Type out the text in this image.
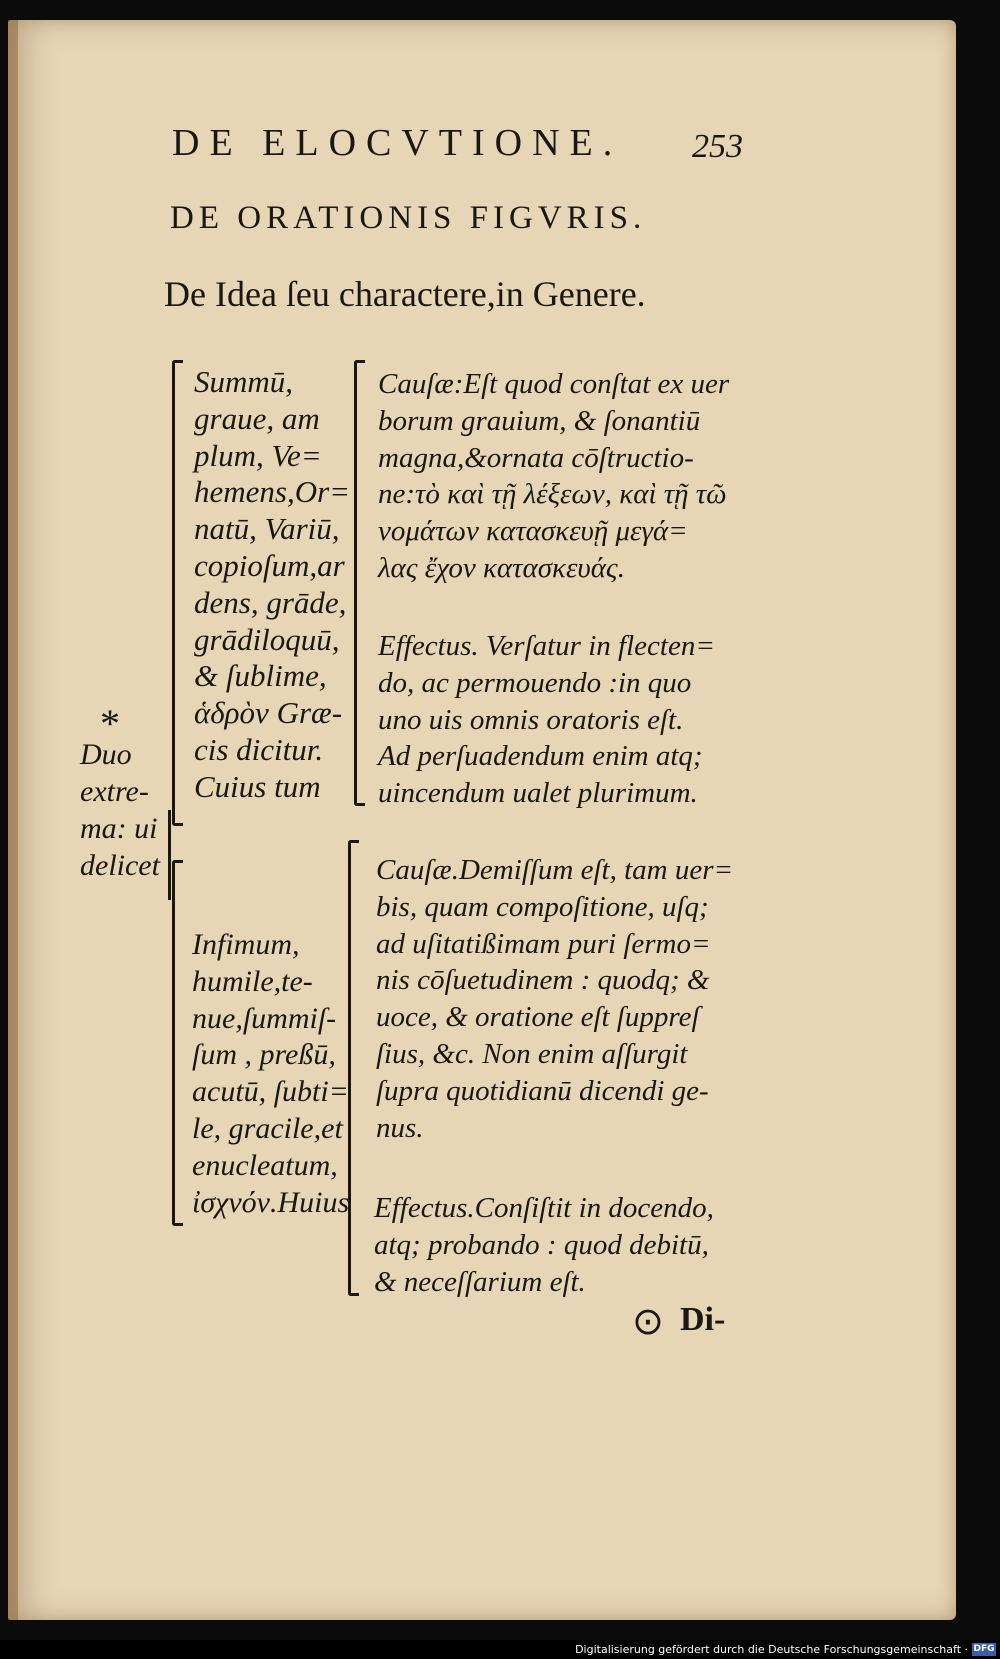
DE ELOCVTIONE. 253
DE ORATIONIS FIGVRIS.
De Idea ſeu charactere,in Genere.
*
Duo
extre-
ma: ui
delicet
Summū,
graue, am
plum, Ve=
hemens,Or=
natū, Variū,
copioſum,ar
dens, grāde,
grādiloquū,
& ſublime,
ἁδρὸν Græ-
cis dicitur.
Cuius tum
Infimum,
humile,te-
nue,ſummiſ-
ſum , preßū,
acutū, ſubti=
le, gracile,et
enucleatum,
ἰσχνόν.Huius
Cauſæ:Eſt quod conſtat ex uer
borum grauium, & ſonantiū
magna,&ornata cōſtructio-
ne:τὸ καὶ τῇ λέξεων, καὶ τῇ τῶ
νομάτων κατασκευῇ μεγά=
λας ἔχον κατασκευάς.
Effectus. Verſatur in flecten=
do, ac permouendo :in quo
uno uis omnis oratoris eſt.
Ad perſuadendum enim atq;
uincendum ualet plurimum.
Cauſæ.Demiſſum eſt, tam uer=
bis, quam compoſitione, uſq;
ad uſitatißimam puri ſermo=
nis cōſuetudinem : quodq; &
uoce, & oratione eſt ſuppreſ
ſius, &c. Non enim aſſurgit
ſupra quotidianū dicendi ge-
nus.
Effectus.Conſiſtit in docendo,
atq; probando : quod debitū,
& neceſſarium eſt.
⊙ Di-
Digitalisierung gefördert durch die Deutsche Forschungsgemeinschaft · DFG
